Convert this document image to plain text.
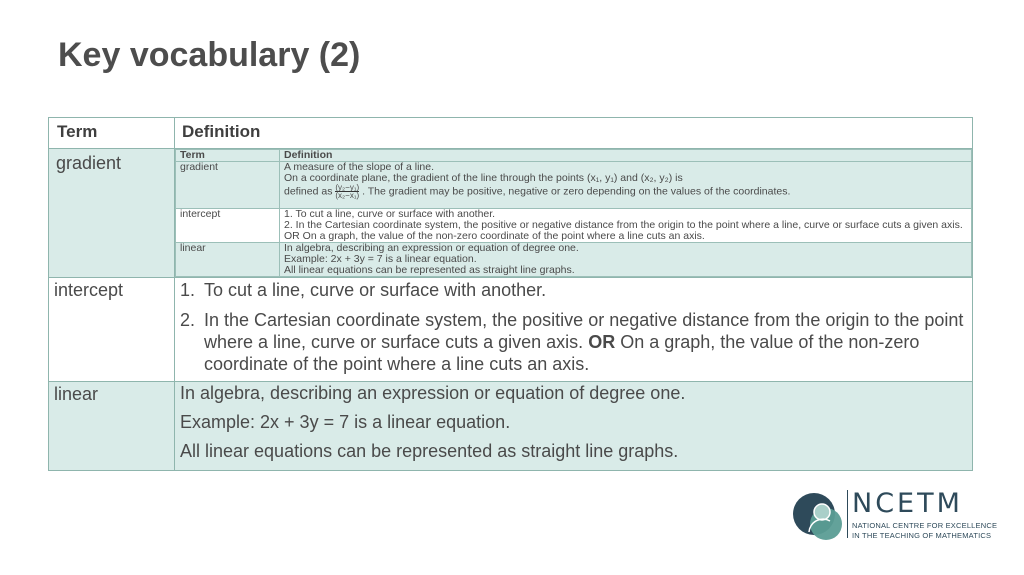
Key vocabulary (2)
Term	Definition
gradient		Term	Definition
gradient	A measure of the slope of a line.

On a coordinate plane, the gradient of the line through the points (x₁, y₁) and (x₂, y₂) is

defined as $\frac{\text{(y₂−y₁)}}{\text{(x₂−x₁)}}$ . The gradient may be positive, negative or zero depending on the values of the coordinates.

intercept	1. To cut a line, curve or surface with another.

2. In the Cartesian coordinate system, the positive or negative distance from the origin to the point where a line, curve or surface cuts a given axis. OR On a graph, the value of the non-zero coordinate of the point where a line cuts an axis.

linear	In algebra, describing an expression or equation of degree one.

Example: 2x + 3y = 7 is a linear equation.

All linear equations can be represented as straight line graphs.

intercept	1. To cut a line, curve or surface with another.
2. In the Cartesian coordinate system, the positive or negative distance from the origin to the point where a line, curve or surface cuts a given axis. OR On a graph, the value of the non-zero coordinate of the point where a line cuts an axis.

linear	In algebra, describing an expression or equation of degree one.

Example: 2x + 3y = 7 is a linear equation.

All linear equations can be represented as straight line graphs.

NCETM
NATIONAL CENTRE FOR EXCELLENCE
IN THE TEACHING OF MATHEMATICS
